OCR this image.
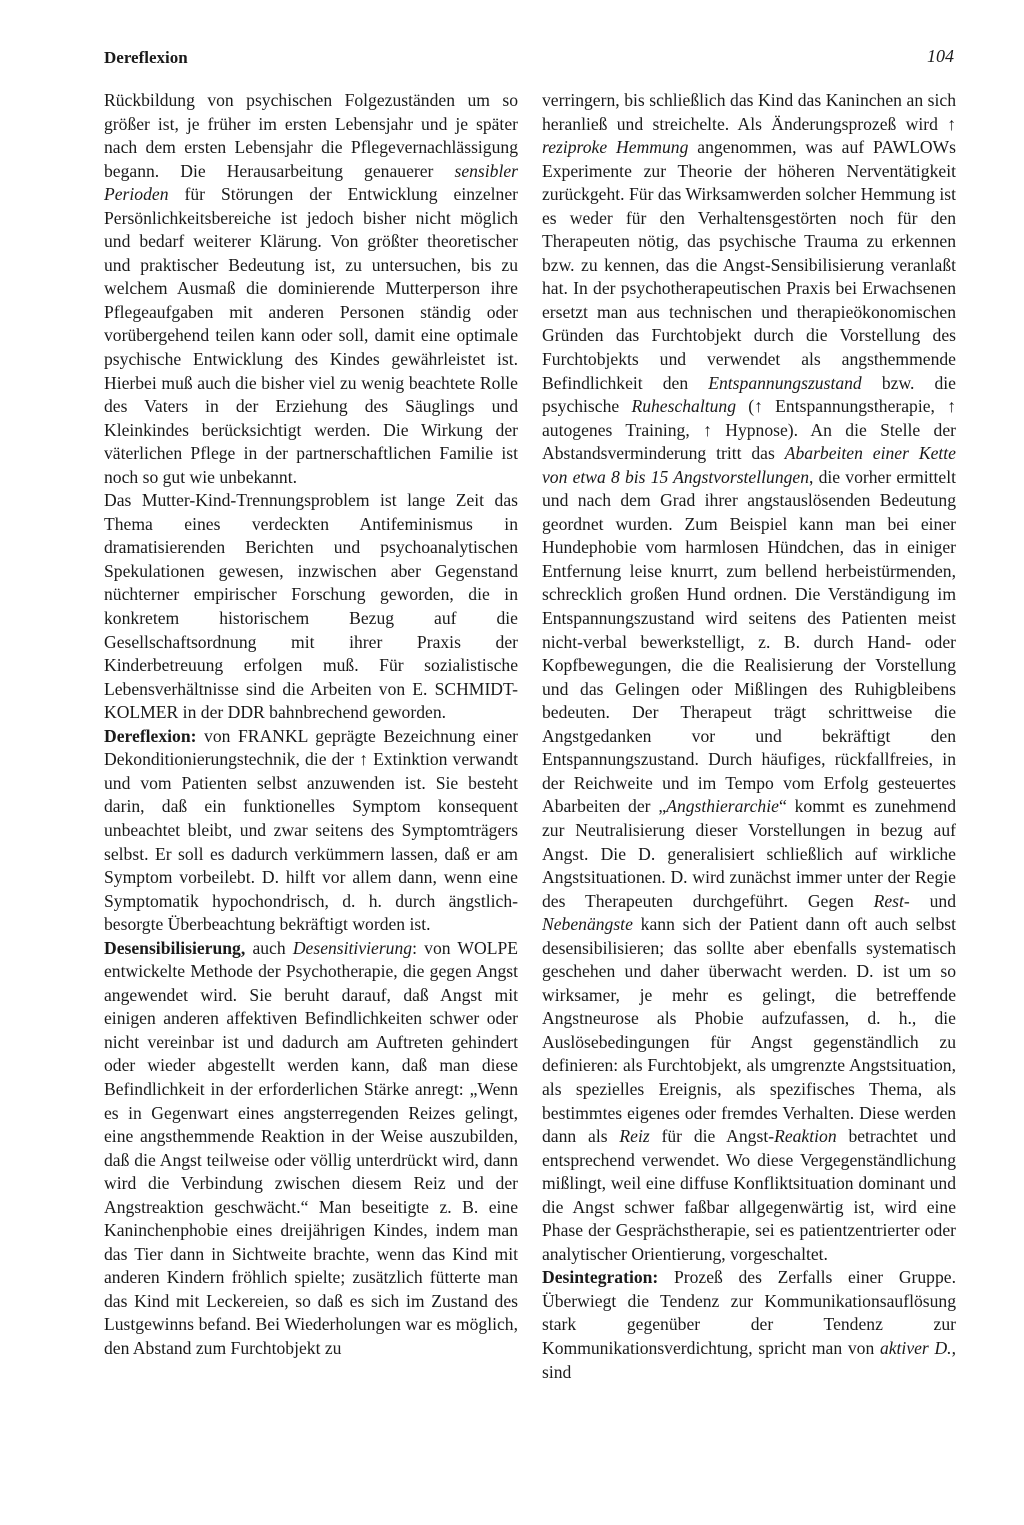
Dereflexion	104

Rückbildung von psychischen Folgezuständen um so größer ist, je früher im ersten Lebensjahr und je später nach dem ersten Lebensjahr die Pflegevernachlässigung begann. Die Herausarbeitung genauerer sensibler Perioden für Störungen der Entwicklung einzelner Persönlichkeitsbereiche ist jedoch bisher nicht möglich und bedarf weiterer Klärung. Von größter theoretischer und praktischer Bedeutung ist, zu untersuchen, bis zu welchem Ausmaß die dominierende Mutterperson ihre Pflegeaufgaben mit anderen Personen ständig oder vorübergehend teilen kann oder soll, damit eine optimale psychische Entwicklung des Kindes gewährleistet ist. Hierbei muß auch die bisher viel zu wenig beachtete Rolle des Vaters in der Erziehung des Säuglings und Kleinkindes berücksichtigt werden. Die Wirkung der väterlichen Pflege in der partnerschaftlichen Familie ist noch so gut wie unbekannt.

Das Mutter-Kind-Trennungsproblem ist lange Zeit das Thema eines verdeckten Antifeminismus in dramatisierenden Berichten und psychoanalytischen Spekulationen gewesen, inzwischen aber Gegenstand nüchterner empirischer Forschung geworden, die in konkretem historischem Bezug auf die Gesellschaftsordnung mit ihrer Praxis der Kinderbetreuung erfolgen muß. Für sozialistische Lebensverhältnisse sind die Arbeiten von E. SCHMIDT-KOLMER in der DDR bahnbrechend geworden.

Dereflexion: von FRANKL geprägte Bezeichnung einer Dekonditionierungstechnik, die der ↑ Extinktion verwandt und vom Patienten selbst anzuwenden ist. Sie besteht darin, daß ein funktionelles Symptom konsequent unbeachtet bleibt, und zwar seitens des Symptomträgers selbst. Er soll es dadurch verkümmern lassen, daß er am Symptom vorbeilebt. D. hilft vor allem dann, wenn eine Symptomatik hypochondrisch, d. h. durch ängstlich-besorgte Überbeachtung bekräftigt worden ist.

Desensibilisierung, auch Desensitivierung: von WOLPE entwickelte Methode der Psychotherapie, die gegen Angst angewendet wird. Sie beruht darauf, daß Angst mit einigen anderen affektiven Befindlichkeiten schwer oder nicht vereinbar ist und dadurch am Auftreten gehindert oder wieder abgestellt werden kann, daß man diese Befindlichkeit in der erforderlichen Stärke anregt: „Wenn es in Gegenwart eines angsterregenden Reizes gelingt, eine angsthemmende Reaktion in der Weise auszubilden, daß die Angst teilweise oder völlig unterdrückt wird, dann wird die Verbindung zwischen diesem Reiz und der Angstreaktion geschwächt.“ Man beseitigte z. B. eine Kaninchenphobie eines dreijährigen Kindes, indem man das Tier dann in Sichtweite brachte, wenn das Kind mit anderen Kindern fröhlich spielte; zusätzlich fütterte man das Kind mit Leckereien, so daß es sich im Zustand des Lustgewinns befand. Bei Wiederholungen war es möglich, den Abstand zum Furchtobjekt zu

verringern, bis schließlich das Kind das Kaninchen an sich heranließ und streichelte. Als Änderungsprozeß wird ↑ reziproke Hemmung angenommen, was auf PAWLOWs Experimente zur Theorie der höheren Nerventätigkeit zurückgeht. Für das Wirksamwerden solcher Hemmung ist es weder für den Verhaltensgestörten noch für den Therapeuten nötig, das psychische Trauma zu erkennen bzw. zu kennen, das die Angst-Sensibilisierung veranlaßt hat. In der psychotherapeutischen Praxis bei Erwachsenen ersetzt man aus technischen und therapieökonomischen Gründen das Furchtobjekt durch die Vorstellung des Furchtobjekts und verwendet als angsthemmende Befindlichkeit den Entspannungszustand bzw. die psychische Ruheschaltung (↑ Entspannungstherapie, ↑ autogenes Training, ↑ Hypnose). An die Stelle der Abstandsverminderung tritt das Abarbeiten einer Kette von etwa 8 bis 15 Angstvorstellungen, die vorher ermittelt und nach dem Grad ihrer angstauslösenden Bedeutung geordnet wurden. Zum Beispiel kann man bei einer Hundephobie vom harmlosen Hündchen, das in einiger Entfernung leise knurrt, zum bellend herbeistürmenden, schrecklich großen Hund ordnen. Die Verständigung im Entspannungszustand wird seitens des Patienten meist nicht-verbal bewerkstelligt, z. B. durch Hand- oder Kopfbewegungen, die die Realisierung der Vorstellung und das Gelingen oder Mißlingen des Ruhigbleibens bedeuten. Der Therapeut trägt schrittweise die Angstgedanken vor und bekräftigt den Entspannungszustand. Durch häufiges, rückfallfreies, in der Reichweite und im Tempo vom Erfolg gesteuertes Abarbeiten der „Angsthierarchie“ kommt es zunehmend zur Neutralisierung dieser Vorstellungen in bezug auf Angst. Die D. generalisiert schließlich auf wirkliche Angstsituationen. D. wird zunächst immer unter der Regie des Therapeuten durchgeführt. Gegen Rest- und Nebenängste kann sich der Patient dann oft auch selbst desensibilisieren; das sollte aber ebenfalls systematisch geschehen und daher überwacht werden. D. ist um so wirksamer, je mehr es gelingt, die betreffende Angstneurose als Phobie aufzufassen, d. h., die Auslösebedingungen für Angst gegenständlich zu definieren: als Furchtobjekt, als umgrenzte Angstsituation, als spezielles Ereignis, als spezifisches Thema, als bestimmtes eigenes oder fremdes Verhalten. Diese werden dann als Reiz für die Angst-Reaktion betrachtet und entsprechend verwendet. Wo diese Vergegenständlichung mißlingt, weil eine diffuse Konfliktsituation dominant und die Angst schwer faßbar allgegenwärtig ist, wird eine Phase der Gesprächstherapie, sei es patientzentrierter oder analytischer Orientierung, vorgeschaltet.

Desintegration: Prozeß des Zerfalls einer Gruppe. Überwiegt die Tendenz zur Kommunikationsauflösung stark gegenüber der Tendenz zur Kommunikationsverdichtung, spricht man von aktiver D., sind
